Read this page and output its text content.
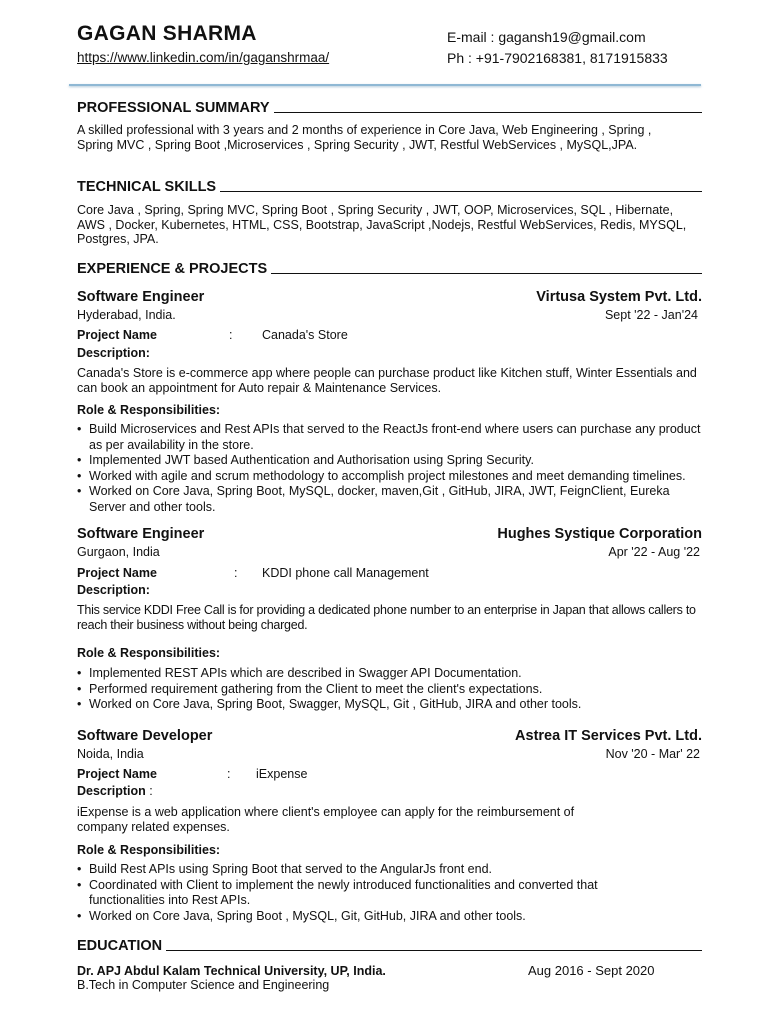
GAGAN SHARMA
https://www.linkedin.com/in/gaganshrmaa/
E-mail : gagansh19@gmail.com
Ph : +91-7902168381, 8171915833
PROFESSIONAL SUMMARY
A skilled professional with 3 years and 2 months of experience in Core Java, Web Engineering , Spring , Spring MVC , Spring Boot ,Microservices , Spring Security , JWT, Restful WebServices , MySQL,JPA.
TECHNICAL SKILLS
Core Java , Spring, Spring MVC, Spring Boot , Spring Security , JWT, OOP, Microservices, SQL , Hibernate, AWS , Docker, Kubernetes, HTML, CSS, Bootstrap, JavaScript ,Nodejs, Restful WebServices, Redis, MYSQL, Postgres, JPA.
EXPERIENCE & PROJECTS
Software Engineer	Virtusa System Pvt. Ltd.
Hyderabad, India.	Sept '22 - Jan'24
Project Name	: Canada's Store
Description:
Canada's Store is e-commerce app where people can purchase product like Kitchen stuff, Winter Essentials and can book an appointment for Auto repair & Maintenance Services.
Role & Responsibilities:
• Build Microservices and Rest APIs that served to the ReactJs front-end where users can purchase any product as per availability in the store.
• Implemented JWT based Authentication and Authorisation using Spring Security.
• Worked with agile and scrum methodology to accomplish project milestones and meet demanding timelines.
• Worked on Core Java, Spring Boot, MySQL, docker, maven,Git , GitHub, JIRA, JWT, FeignClient, Eureka Server and other tools.
Software Engineer	Hughes Systique Corporation
Gurgaon, India	Apr '22 - Aug '22
Project Name	: KDDI phone call Management
Description:
This service KDDI Free Call is for providing a dedicated phone number to an enterprise in Japan that allows callers to reach their business without being charged.
Role & Responsibilities:
• Implemented REST APIs which are described in Swagger API Documentation.
• Performed requirement gathering from the Client to meet the client's expectations.
• Worked on Core Java, Spring Boot, Swagger, MySQL, Git , GitHub, JIRA and other tools.
Software Developer	Astrea IT Services Pvt. Ltd.
Noida, India	Nov '20 - Mar' 22
Project Name	: iExpense
Description :
iExpense is a web application where client's employee can apply for the reimbursement of company related expenses.
Role & Responsibilities:
• Build Rest APIs using Spring Boot that served to the AngularJs front end.
• Coordinated with Client to implement the newly introduced functionalities and converted that functionalities into Rest APIs.
• Worked on Core Java, Spring Boot , MySQL, Git, GitHub, JIRA and other tools.
EDUCATION
Dr. APJ Abdul Kalam Technical University, UP, India.	Aug 2016 - Sept 2020
B.Tech in Computer Science and Engineering
